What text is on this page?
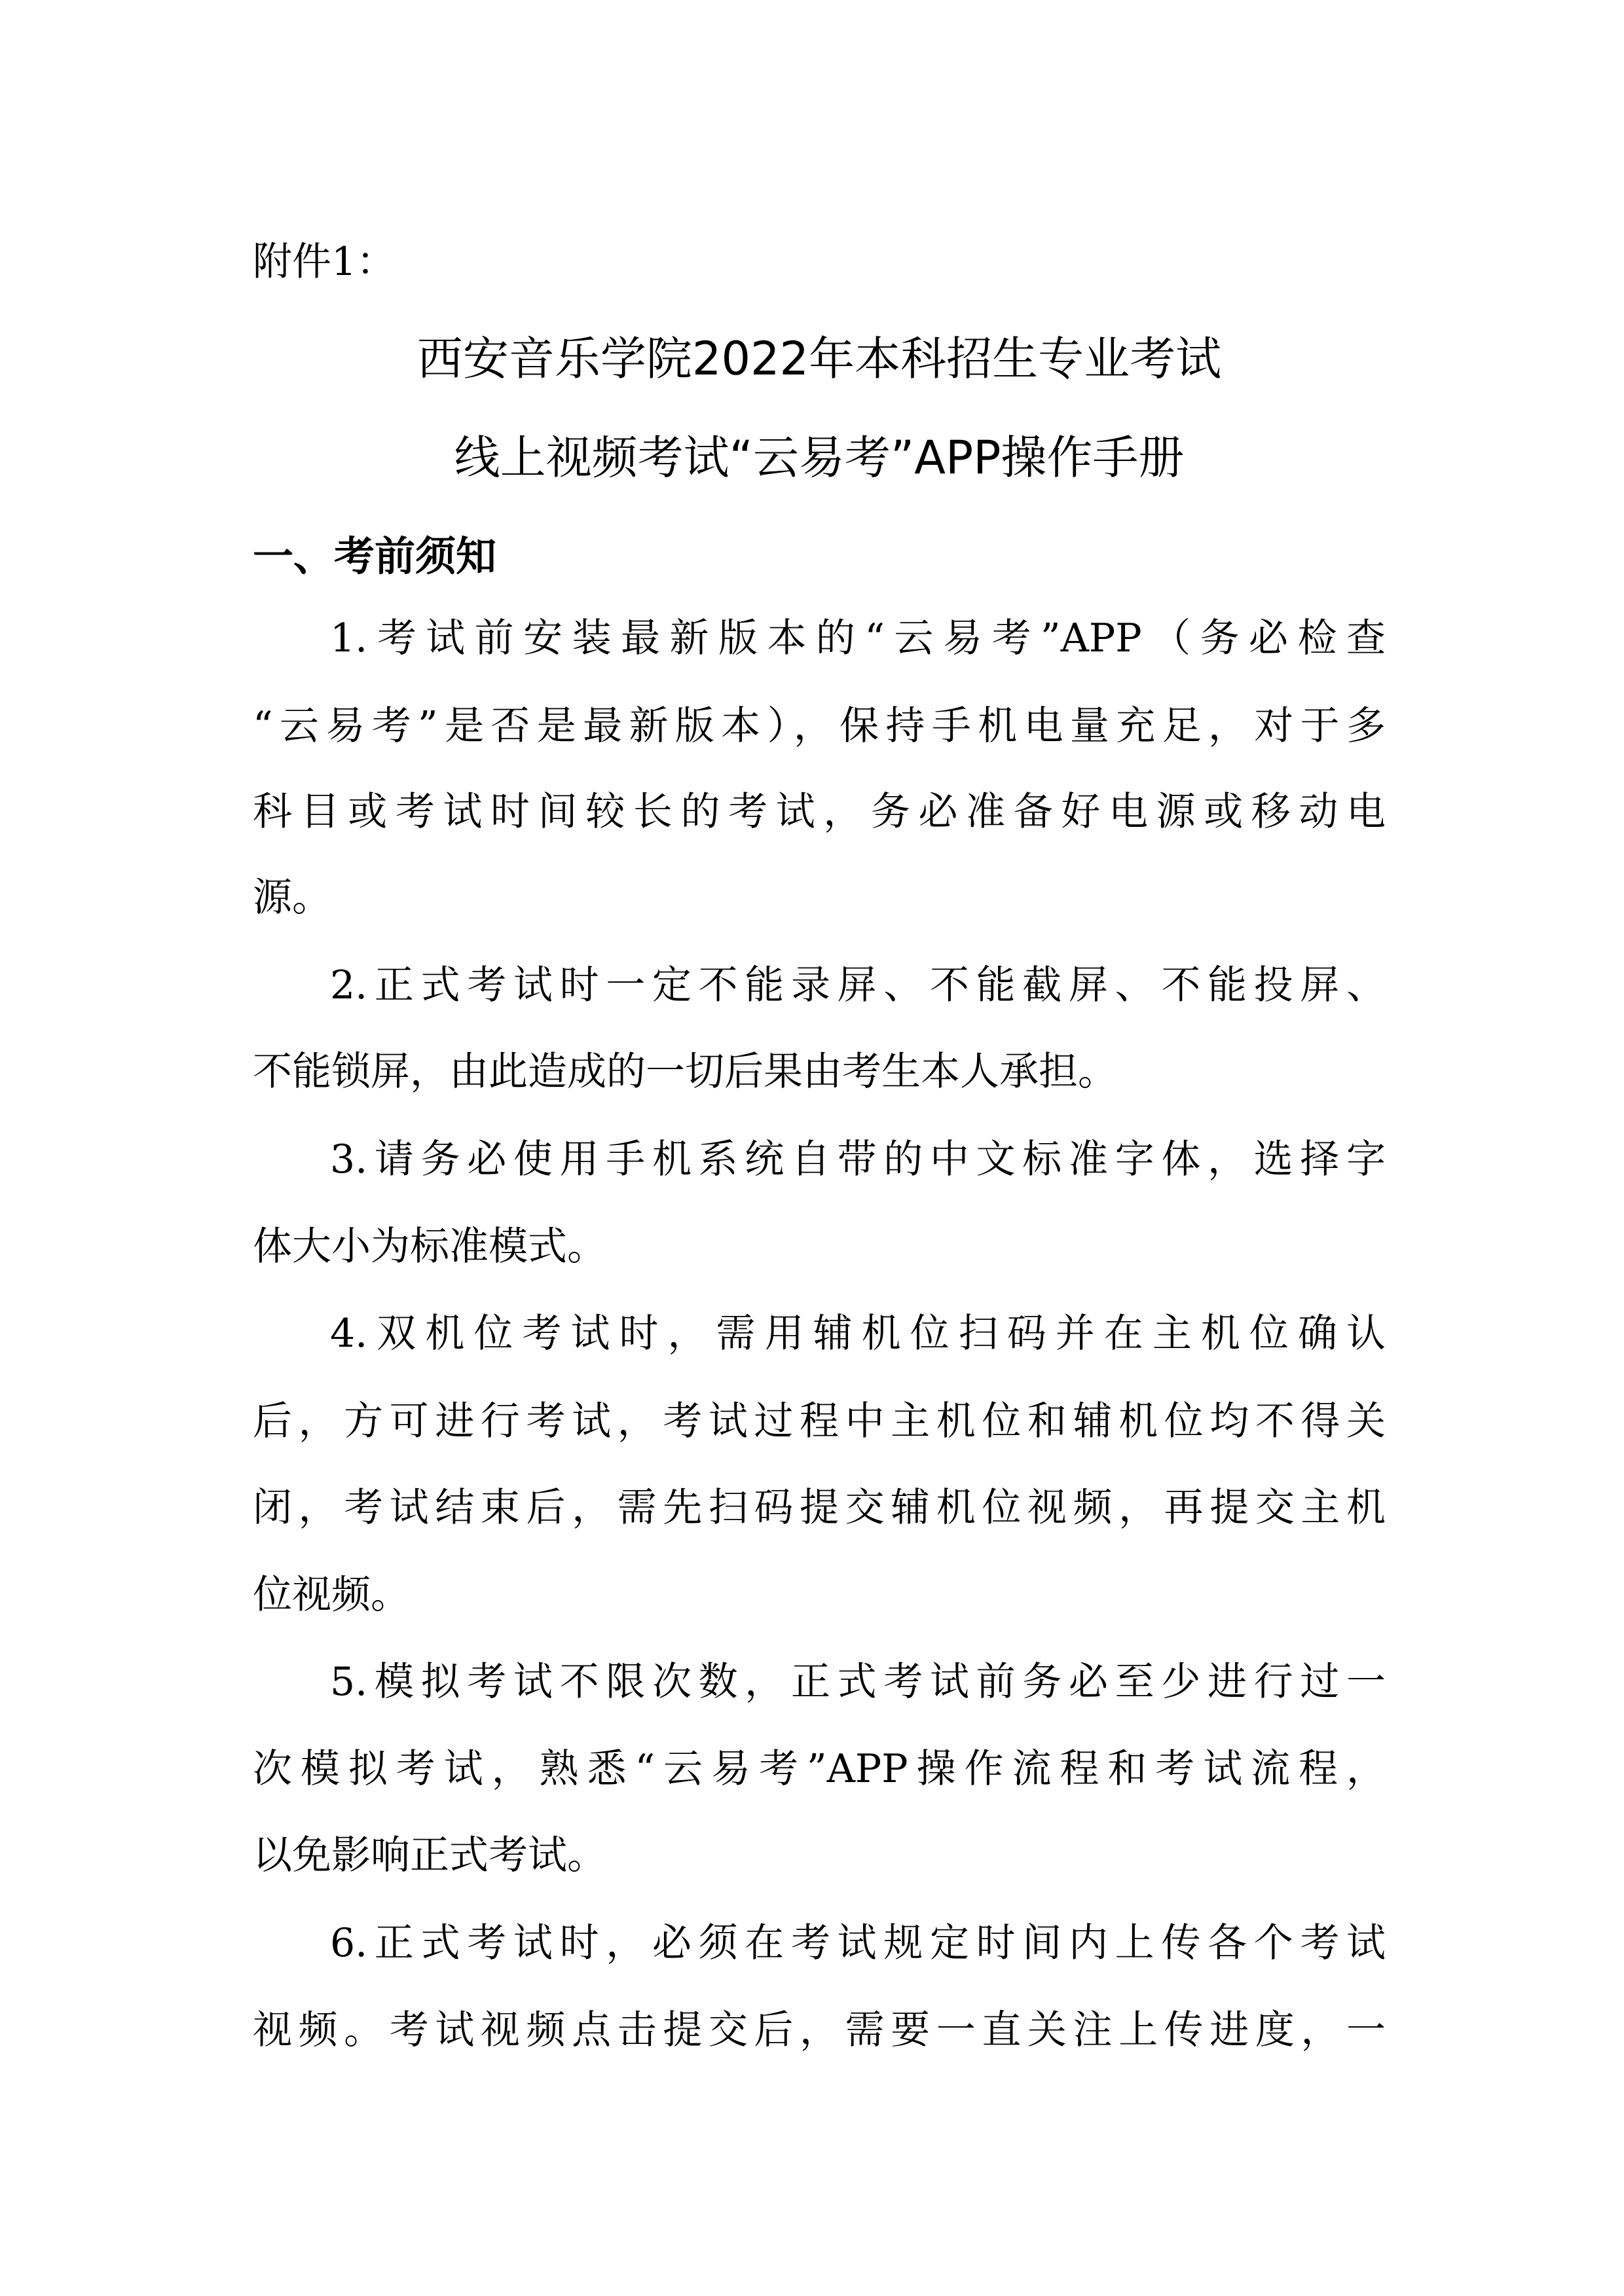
附件1：
西安音乐学院2022年本科招生专业考试
线上视频考试“云易考”APP操作手册
一、考前须知
1.考试前安装最新版本的“云易考”APP（务必检查
“云易考”是否是最新版本），保持手机电量充足，对于多
科目或考试时间较长的考试，务必准备好电源或移动电
源。
2.正式考试时一定不能录屏、不能截屏、不能投屏、
不能锁屏，由此造成的一切后果由考生本人承担。
3.请务必使用手机系统自带的中文标准字体，选择字
体大小为标准模式。
4.双机位考试时，需用辅机位扫码并在主机位确认
后，方可进行考试，考试过程中主机位和辅机位均不得关
闭，考试结束后，需先扫码提交辅机位视频，再提交主机
位视频。
5.模拟考试不限次数，正式考试前务必至少进行过一
次模拟考试，熟悉“云易考”APP操作流程和考试流程，
以免影响正式考试。
6.正式考试时，必须在考试规定时间内上传各个考试
视频。考试视频点击提交后，需要一直关注上传进度，一
